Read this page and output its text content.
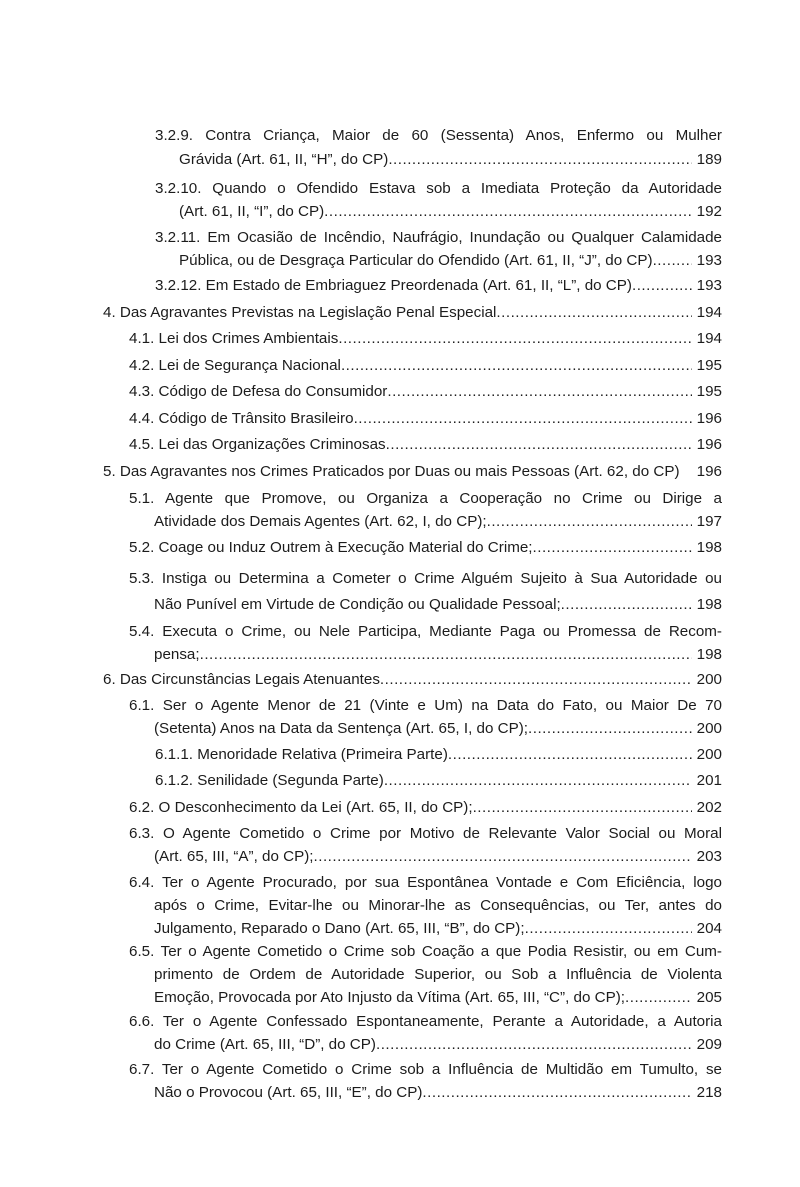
3.2.9. Contra Criança, Maior de 60 (Sessenta) Anos, Enfermo ou Mulher
Grávida (Art. 61, II, “H”, do CP) .....	189
3.2.10. Quando o Ofendido Estava sob a Imediata Proteção da Autoridade
(Art. 61, II, “I”, do CP) .....	192
3.2.11. Em Ocasião de Incêndio, Naufrágio, Inundação ou Qualquer Calamidade
Pública, ou de Desgraça Particular do Ofendido (Art. 61, II, “J”, do CP) .....	193
3.2.12. Em Estado de Embriaguez Preordenada (Art. 61, II, “L”, do CP) .....	193
4. Das Agravantes Previstas na Legislação Penal Especial .....	194
4.1. Lei dos Crimes Ambientais .....	194
4.2. Lei de Segurança Nacional .....	195
4.3. Código de Defesa do Consumidor .....	195
4.4. Código de Trânsito Brasileiro .....	196
4.5. Lei das Organizações Criminosas .....	196
5. Das Agravantes nos Crimes Praticados por Duas ou mais Pessoas (Art. 62, do CP) 196
5.1. Agente que Promove, ou Organiza a Cooperação no Crime ou Dirige a
Atividade dos Demais Agentes (Art. 62, I, do CP); .....	197
5.2. Coage ou Induz Outrem à Execução Material do Crime; .....	198
5.3. Instiga ou Determina a Cometer o Crime Alguém Sujeito à Sua Autoridade ou
Não Punível em Virtude de Condição ou Qualidade Pessoal; .....	198
5.4. Executa o Crime, ou Nele Participa, Mediante Paga ou Promessa de Recom-
pensa; .....	198
6. Das Circunstâncias Legais Atenuantes .....	200
6.1. Ser o Agente Menor de 21 (Vinte e Um) na Data do Fato, ou Maior De 70
(Setenta) Anos na Data da Sentença (Art. 65, I, do CP); .....	200
6.1.1. Menoridade Relativa (Primeira Parte) .....	200
6.1.2. Senilidade (Segunda Parte) .....	201
6.2. O Desconhecimento da Lei (Art. 65, II, do CP); .....	202
6.3. O Agente Cometido o Crime por Motivo de Relevante Valor Social ou Moral
(Art. 65, III, “A”, do CP); .....	203
6.4. Ter o Agente Procurado, por sua Espontânea Vontade e Com Eficiência, logo
após o Crime, Evitar-lhe ou Minorar-lhe as Consequências, ou Ter, antes do
Julgamento, Reparado o Dano (Art. 65, III, “B”, do CP); .....	204
6.5. Ter o Agente Cometido o Crime sob Coação a que Podia Resistir, ou em Cum-
primento de Ordem de Autoridade Superior, ou Sob a Influência de Violenta
Emoção, Provocada por Ato Injusto da Vítima (Art. 65, III, “C”, do CP); .....	205
6.6. Ter o Agente Confessado Espontaneamente, Perante a Autoridade, a Autoria
do Crime (Art. 65, III, “D”, do CP) .....	209
6.7. Ter o Agente Cometido o Crime sob a Influência de Multidão em Tumulto, se
Não o Provocou (Art. 65, III, “E”, do CP) .....	218
